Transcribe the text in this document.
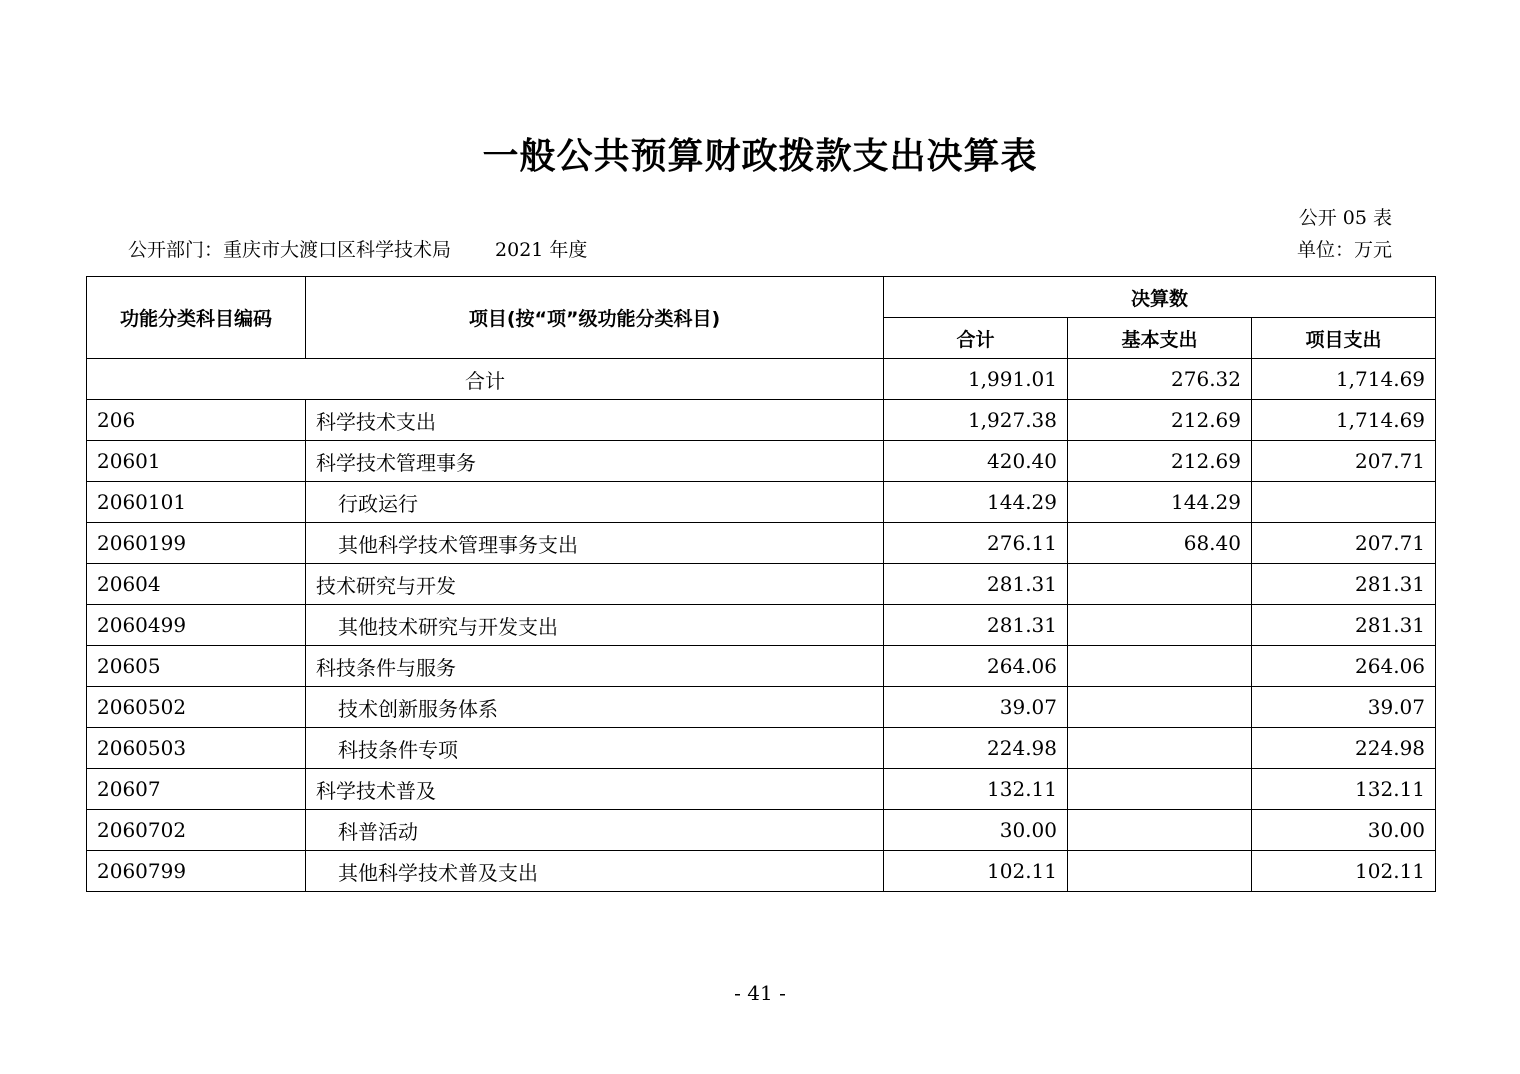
一般公共预算财政拨款支出决算表
公开 05 表
公开部门：重庆市大渡口区科学技术局 2021 年度	单位：万元
功能分类科目编码	项目(按“项”级功能分类科目)	决算数		
		合计	基本支出	项目支出
合计		1,991.01	276.32	1,714.69
206	科学技术支出	1,927.38	212.69	1,714.69
20601	科学技术管理事务	420.40	212.69	207.71
2060101	行政运行	144.29	144.29	
2060199	其他科学技术管理事务支出	276.11	68.40	207.71
20604	技术研究与开发	281.31		281.31
2060499	其他技术研究与开发支出	281.31		281.31
20605	科技条件与服务	264.06		264.06
2060502	技术创新服务体系	39.07		39.07
2060503	科技条件专项	224.98		224.98
20607	科学技术普及	132.11		132.11
2060702	科普活动	30.00		30.00
2060799	其他科学技术普及支出	102.11		102.11
- 41 -
